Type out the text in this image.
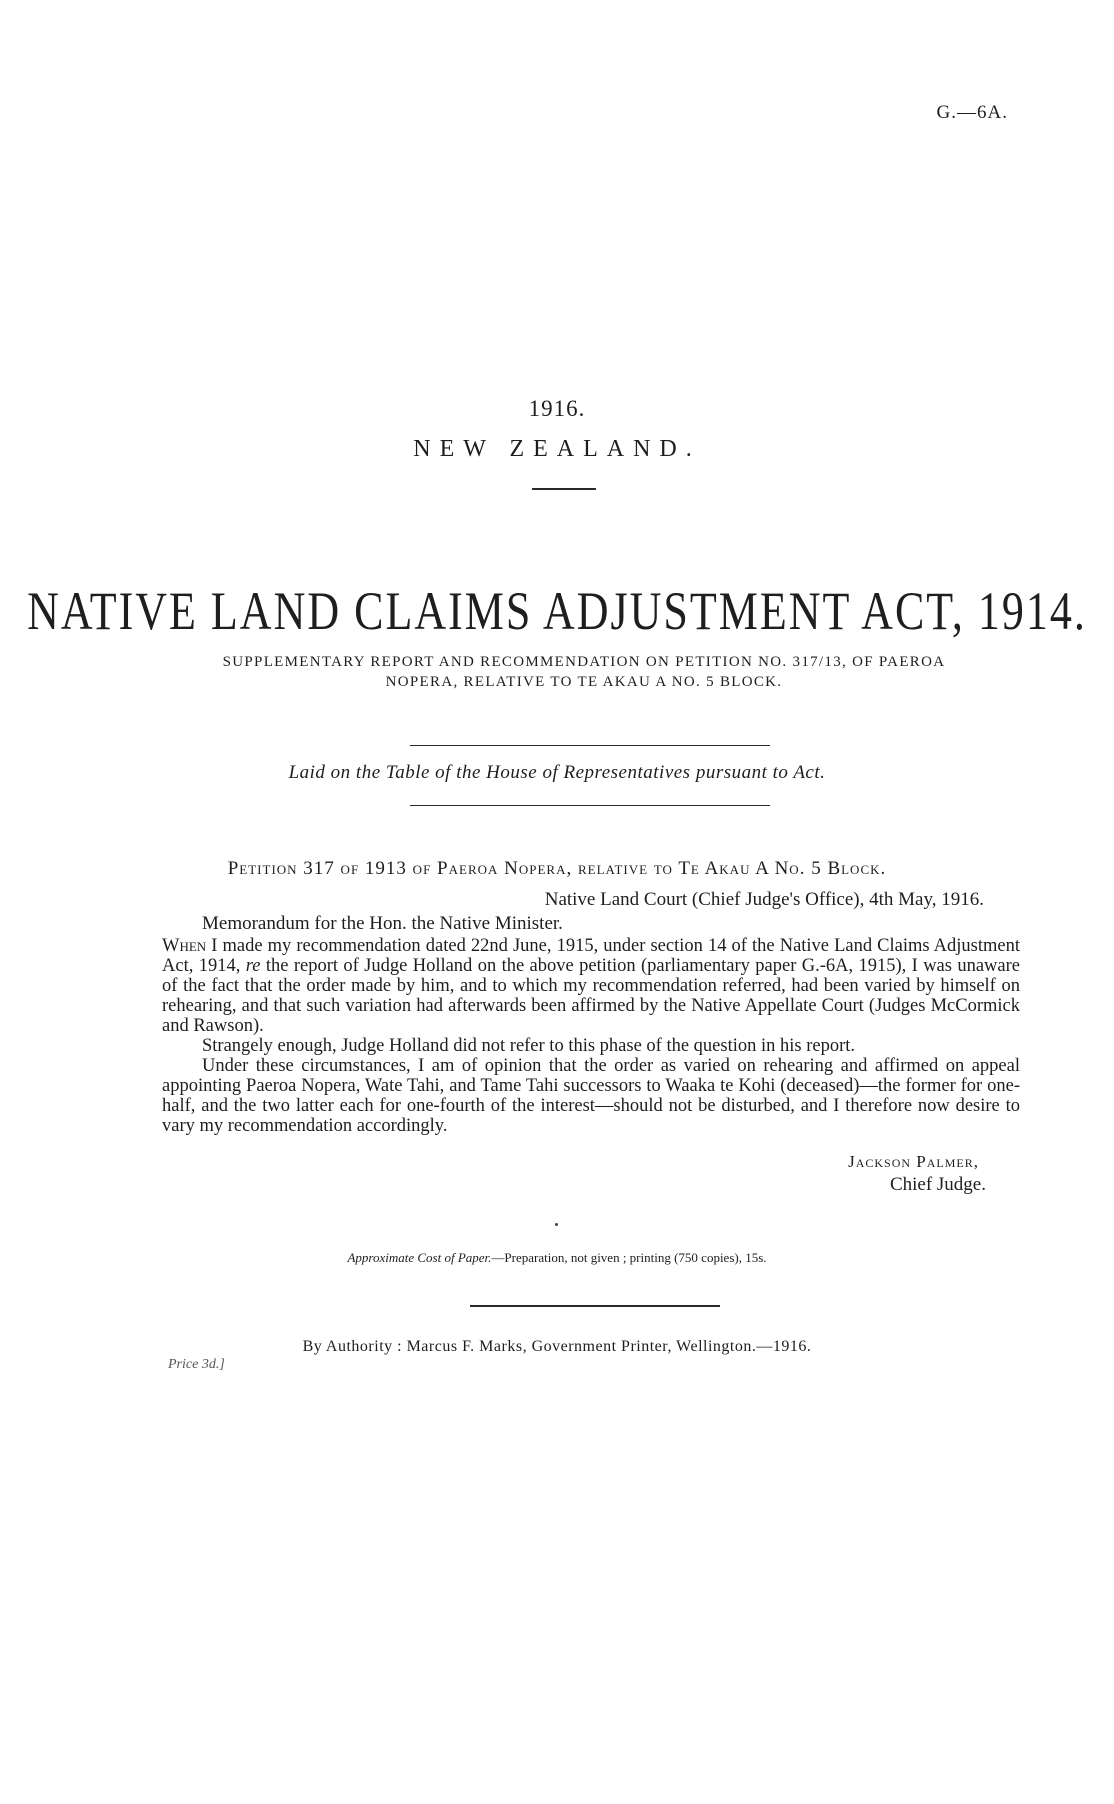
G.—6A.
1916.
NEW ZEALAND.
NATIVE LAND CLAIMS ADJUSTMENT ACT, 1914.
SUPPLEMENTARY REPORT AND RECOMMENDATION ON PETITION NO. 317/13, OF PAEROA
NOPERA, RELATIVE TO TE AKAU A NO. 5 BLOCK.
Laid on the Table of the House of Representatives pursuant to Act.
Petition 317 of 1913 of Paeroa Nopera, relative to Te Akau A No. 5 Block.
Native Land Court (Chief Judge's Office), 4th May, 1916.
Memorandum for the Hon. the Native Minister.

When I made my recommendation dated 22nd June, 1915, under section 14 of the Native Land Claims Adjustment Act, 1914, re the report of Judge Holland on the above petition (parliamentary paper G.-6A, 1915), I was unaware of the fact that the order made by him, and to which my recommendation referred, had been varied by himself on rehearing, and that such variation had afterwards been affirmed by the Native Appellate Court (Judges McCormick and Rawson).

Strangely enough, Judge Holland did not refer to this phase of the question in his report.

Under these circumstances, I am of opinion that the order as varied on rehearing and affirmed on appeal appointing Paeroa Nopera, Wate Tahi, and Tame Tahi successors to Waaka te Kohi (deceased)—the former for one-half, and the two latter each for one-fourth of the interest—should not be disturbed, and I therefore now desire to vary my recommendation accordingly.

Jackson Palmer,
Chief Judge.
Approximate Cost of Paper.—Preparation, not given ; printing (750 copies), 15s.
By Authority : Marcus F. Marks, Government Printer, Wellington.—1916.
Price 3d.]
